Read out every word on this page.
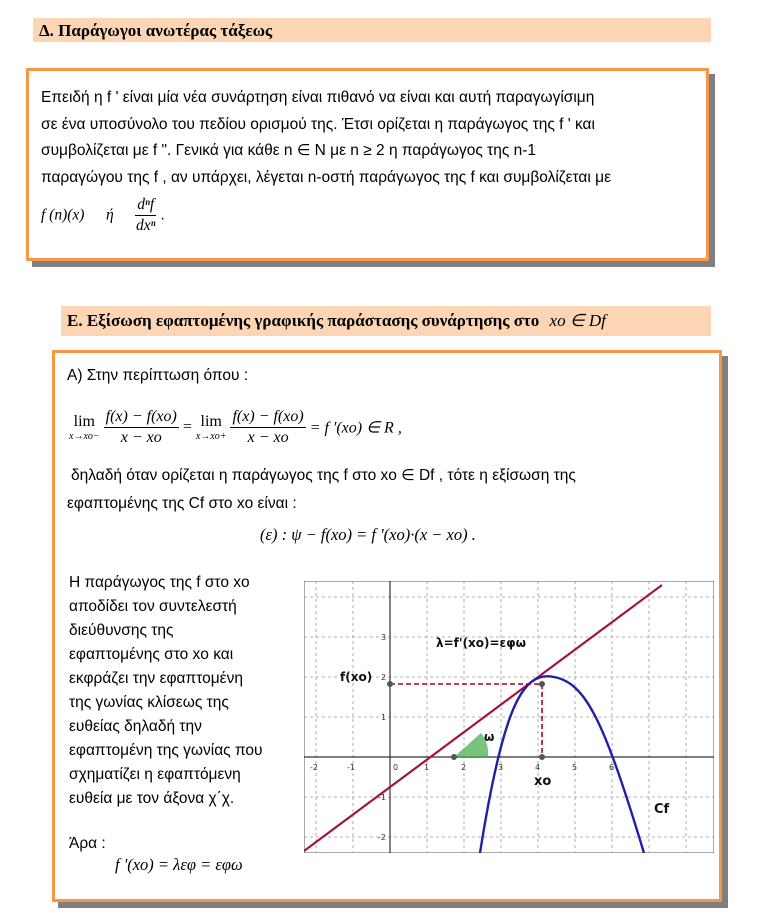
Δ. Παράγωγοι ανωτέρας τάξεως
Επειδή η f ' είναι μία νέα συνάρτηση είναι πιθανό να είναι και αυτή παραγωγίσιμη
σε ένα υποσύνολο του πεδίου ορισμού της. Έτσι ορίζεται η παράγωγος της f ' και
συμβολίζεται με f ". Γενικά για κάθε n ∈ N με n ≥ 2 η παράγωγος της n-1
παραγώγου της f , αν υπάρχει, λέγεται n-οστή παράγωγος της f και συμβολίζεται με
f (n)(x) ή $\frac{\text{dⁿf}}{\text{dxⁿ}}$ .
Ε. Εξίσωση εφαπτομένης γραφικής παράστασης συνάρτησης στο xo ∈ Df
Α) Στην περίπτωση όπου :
lim
x→xo−
$\frac{f(x) - f(xo)}{x - xo} = \lim$
x→xo+
$\frac{f(x) - f(xo)}{x - xo} = f$ '(xo) ∈ R ,
δηλαδή όταν ορίζεται η παράγωγος της f στο xo ∈ Df , τότε η εξίσωση της
εφαπτομένης της Cf στο xo είναι :
(ε) : ψ − f(xo) = f '(xo)·(x − xo) .
Η παράγωγος της f στο xo
αποδίδει τον συντελεστή
διεύθυνσης της
εφαπτομένης στο xo και
εκφράζει την εφαπτομένη
της γωνίας κλίσεως της
ευθείας δηλαδή την
εφαπτομένη της γωνίας που
σχηματίζει η εφαπτόμενη
ευθεία με τον άξονα χ΄χ.
Άρα :
f '(xo) = λεφ = εφω
-2	-1	0	1	2	3	4	5	6
3
2
1
-1
-2
λ=f'(xo)=εφω
f(xo)
xo
ω
Cf
